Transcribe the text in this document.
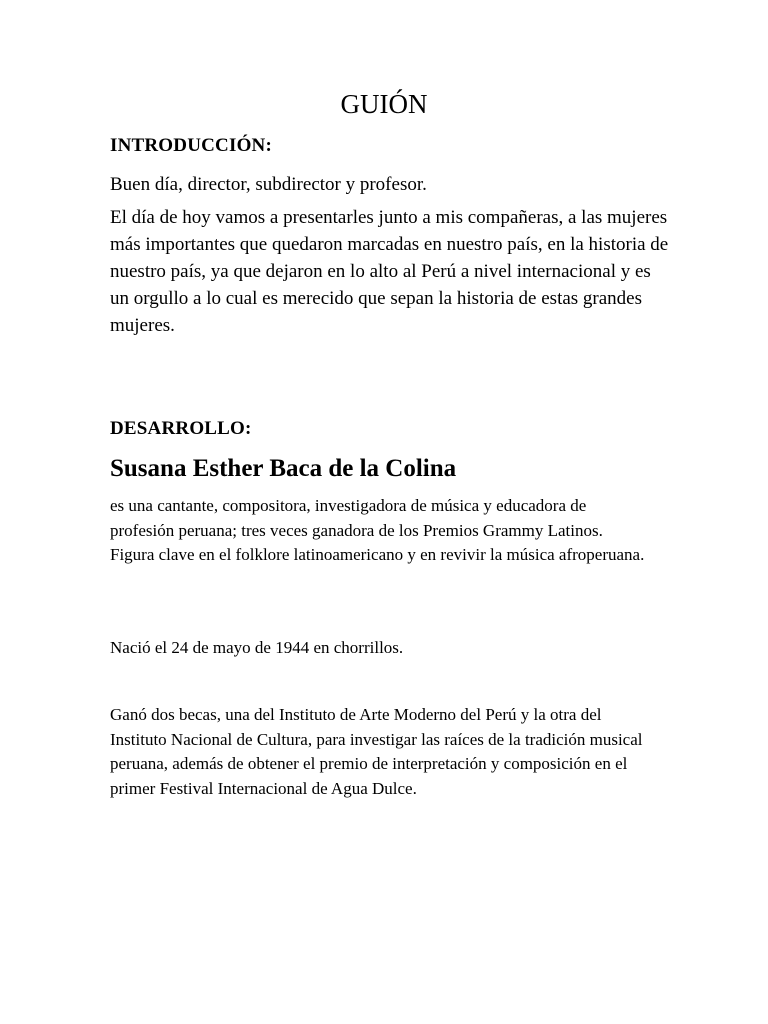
GUIÓN
INTRODUCCIÓN:

Buen día, director, subdirector y profesor.

El día de hoy vamos a presentarles junto a mis compañeras, a las mujeres más importantes que quedaron marcadas en nuestro país, en la historia de nuestro país, ya que dejaron en lo alto al Perú a nivel internacional y es un orgullo a lo cual es merecido que sepan la historia de estas grandes mujeres.

DESARROLLO:
Susana Esther Baca de la Colina

es una cantante, compositora, investigadora de música y educadora de profesión peruana; tres veces ganadora de los Premios Grammy Latinos. Figura clave en el folklore latinoamericano y en revivir la música afroperuana.

Nació el 24 de mayo de 1944 en chorrillos.

Ganó dos becas, una del Instituto de Arte Moderno del Perú y la otra del Instituto Nacional de Cultura, para investigar las raíces de la tradición musical peruana, además de obtener el premio de interpretación y composición en el primer Festival Internacional de Agua Dulce.
